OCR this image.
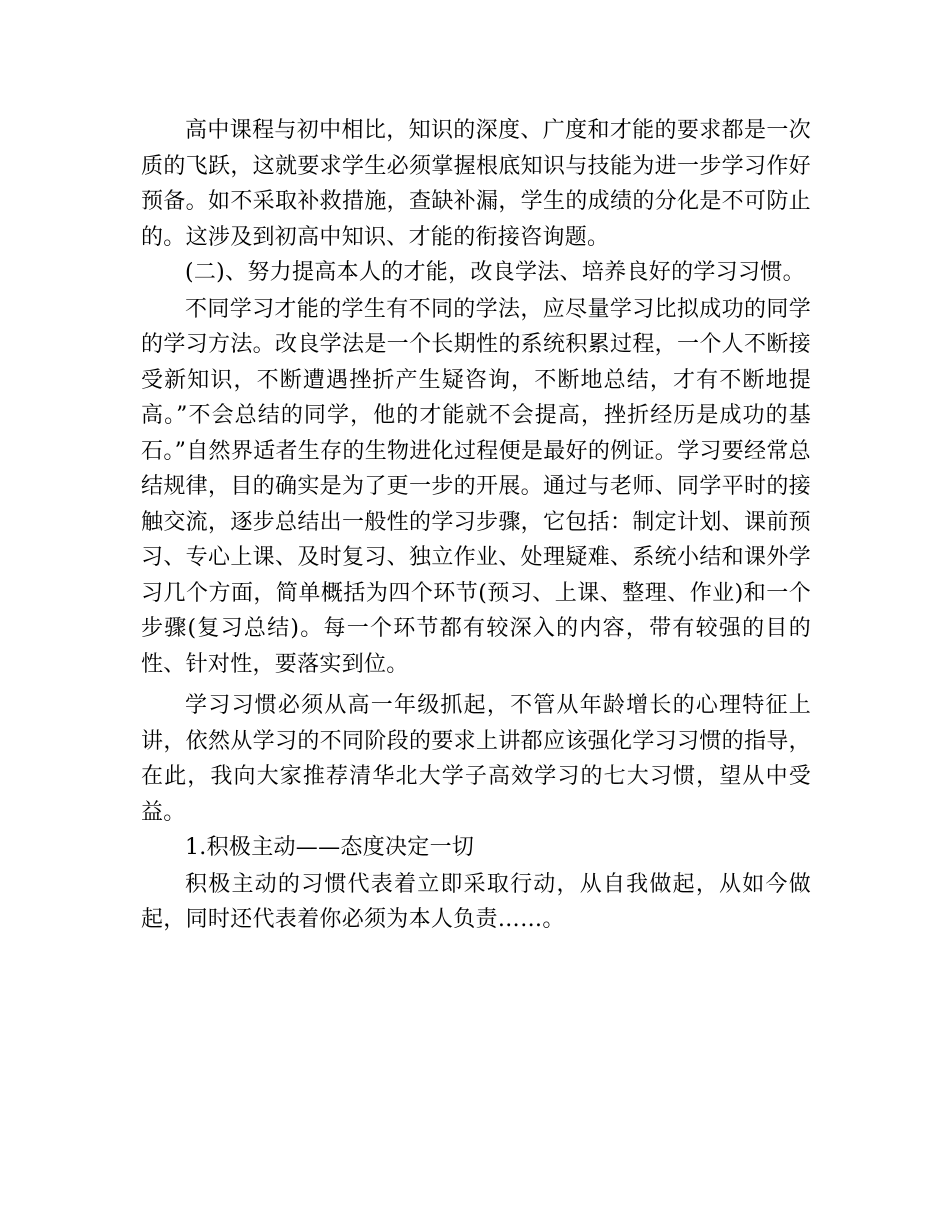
高中课程与初中相比，知识的深度、广度和才能的要求都是一次质的飞跃，这就要求学生必须掌握根底知识与技能为进一步学习作好预备。如不采取补救措施，查缺补漏，学生的成绩的分化是不可防止的。这涉及到初高中知识、才能的衔接咨询题。

(二)、努力提高本人的才能，改良学法、培养良好的学习习惯。

不同学习才能的学生有不同的学法，应尽量学习比拟成功的同学的学习方法。改良学法是一个长期性的系统积累过程，一个人不断接受新知识，不断遭遇挫折产生疑咨询，不断地总结，才有不断地提高。”不会总结的同学，他的才能就不会提高，挫折经历是成功的基石。”自然界适者生存的生物进化过程便是最好的例证。学习要经常总结规律，目的确实是为了更一步的开展。通过与老师、同学平时的接触交流，逐步总结出一般性的学习步骤，它包括：制定计划、课前预习、专心上课、及时复习、独立作业、处理疑难、系统小结和课外学习几个方面，简单概括为四个环节(预习、上课、整理、作业)和一个步骤(复习总结)。每一个环节都有较深入的内容，带有较强的目的性、针对性，要落实到位。

学习习惯必须从高一年级抓起，不管从年龄增长的心理特征上讲，依然从学习的不同阶段的要求上讲都应该强化学习习惯的指导，在此，我向大家推荐清华北大学子高效学习的七大习惯，望从中受益。

1.积极主动——态度决定一切

积极主动的习惯代表着立即采取行动，从自我做起，从如今做起，同时还代表着你必须为本人负责……。
